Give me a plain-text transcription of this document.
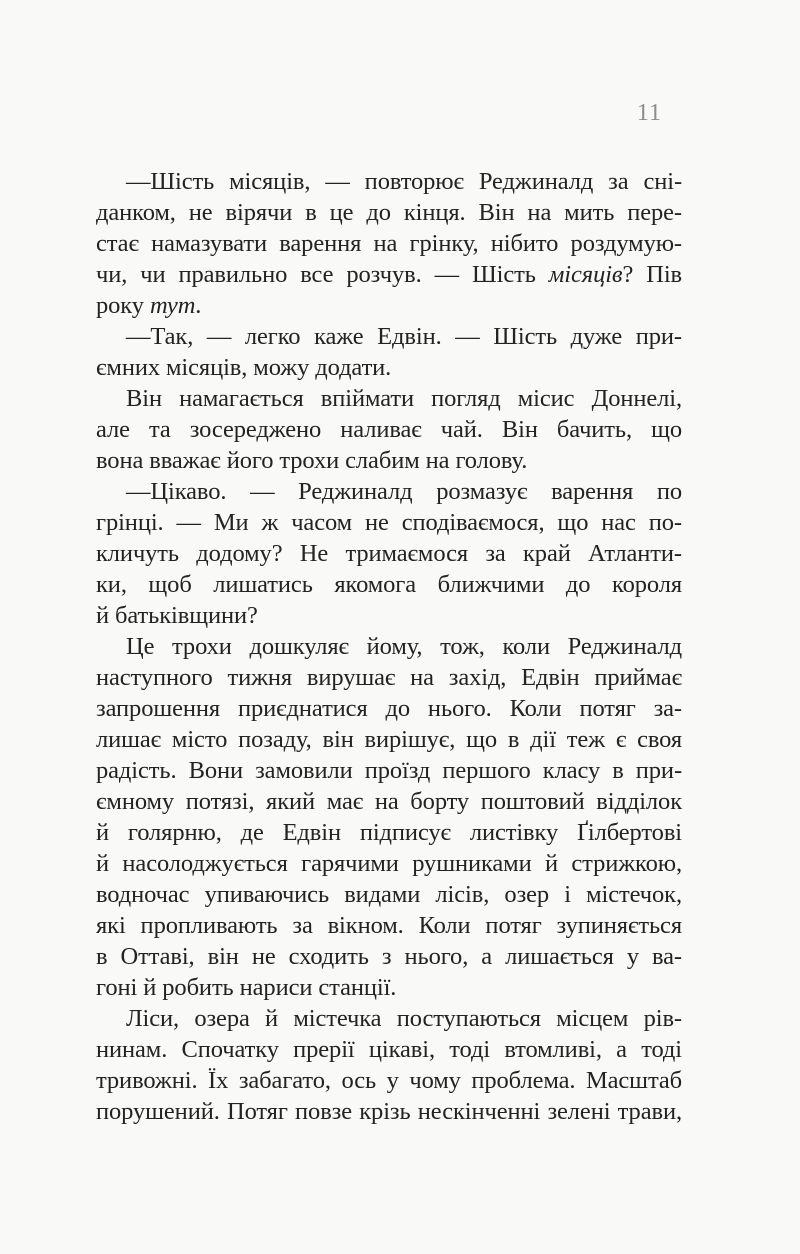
11
—Шість місяців, — повторює Реджиналд за сні-
данком, не вірячи в це до кінця. Він на мить пере-
стає намазувати варення на грінку, нібито роздумую-
чи, чи правильно все розчув. — Шість місяців? Пів
року тут.
—Так, — легко каже Едвін. — Шість дуже при-
ємних місяців, можу додати.
Він намагається впіймати погляд місис Доннелі,
але та зосереджено наливає чай. Він бачить, що
вона вважає його трохи слабим на голову.
—Цікаво. — Реджиналд розмазує варення по
грінці. — Ми ж часом не сподіваємося, що нас по-
кличуть додому? Не тримаємося за край Атланти-
ки, щоб лишатись якомога ближчими до короля
й батьківщини?
Це трохи дошкуляє йому, тож, коли Реджиналд
наступного тижня вирушає на захід, Едвін приймає
запрошення приєднатися до нього. Коли потяг за-
лишає місто позаду, він вирішує, що в дії теж є своя
радість. Вони замовили проїзд першого класу в при-
ємному потязі, який має на борту поштовий відділок
й голярню, де Едвін підписує листівку Ґілбертові
й насолоджується гарячими рушниками й стрижкою,
водночас упиваючись видами лісів, озер і містечок,
які пропливають за вікном. Коли потяг зупиняється
в Оттаві, він не сходить з нього, а лишається у ва-
гоні й робить нариси станції.
Ліси, озера й містечка поступаються місцем рів-
нинам. Спочатку прерії цікаві, тоді втомливі, а тоді
тривожні. Їх забагато, ось у чому проблема. Масштаб
порушений. Потяг повзе крізь нескінченні зелені трави,
